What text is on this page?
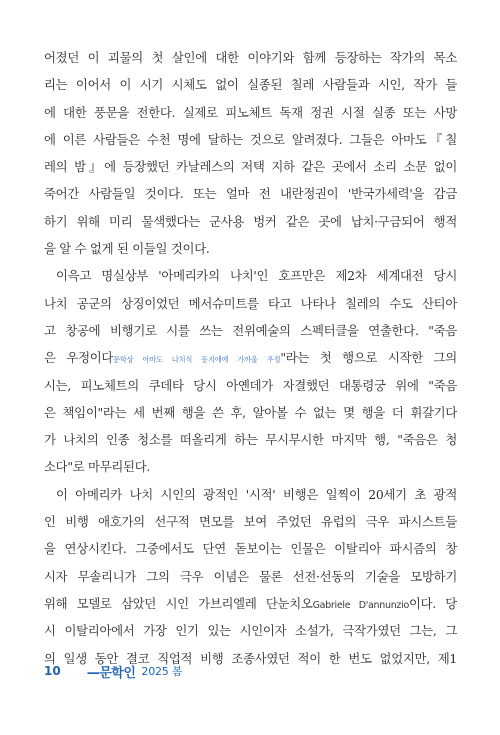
어졌던 이 괴물의 첫 살인에 대한 이야기와 함께 등장하는 작가의 목소
리는 이어서 이 시기 시체도 없이 실종된 칠레 사람들과 시인, 작가 들
에 대한 풍문을 전한다. 실제로 피노체트 독재 정권 시절 실종 또는 사망
에 이른 사람들은 수천 명에 달하는 것으로 알려졌다. 그들은 아마도『칠
레의 밤』에 등장했던 카날레스의 저택 지하 같은 곳에서 소리 소문 없이
죽어간 사람들일 것이다. 또는 얼마 전 내란정권이 '반국가세력'을 감금
하기 위해 미리 물색했다는 군사용 벙커 같은 곳에 납치·구금되어 행적
을 알 수 없게 된 이들일 것이다.
이윽고 명실상부 '아메리카의 나치'인 호프만은 제2차 세계대전 당시
나치 공군의 상징이었던 메서슈미트를 타고 나타나 칠레의 수도 산티아
고 창공에 비행기로 시를 쓰는 전위예술의 스펙터클을 연출한다. "죽음
은 우정이다문학상 아마도 나치식 동지애에 가까울 우정"라는 첫 행으로 시작한 그의
시는, 피노체트의 쿠데타 당시 아옌데가 자결했던 대통령궁 위에 "죽음
은 책임이"라는 세 번째 행을 쓴 후, 알아볼 수 없는 몇 행을 더 휘갈기다
가 나치의 인종 청소를 떠올리게 하는 무시무시한 마지막 행, "죽음은 청
소다"로 마무리된다.
이 아메리카 나치 시인의 광적인 '시적' 비행은 일찍이 20세기 초 광적
인 비행 애호가의 선구적 면모를 보여 주었던 유럽의 극우 파시스트들
을 연상시킨다. 그중에서도 단연 돋보이는 인물은 이탈리아 파시즘의 창
시자 무솔리니가 그의 극우 이념은 물론 선전·선동의 기술을 모방하기
위해 모델로 삼았던 시인 가브리엘레 단눈치오Gabriele D'annunzio이다. 당
시 이탈리아에서 가장 인기 있는 시인이자 소설가, 극작가였던 그는, 그
의 일생 동안 결코 직업적 비행 조종사였던 적이 한 번도 없었지만, 제1
10 —문학인 2025 봄
